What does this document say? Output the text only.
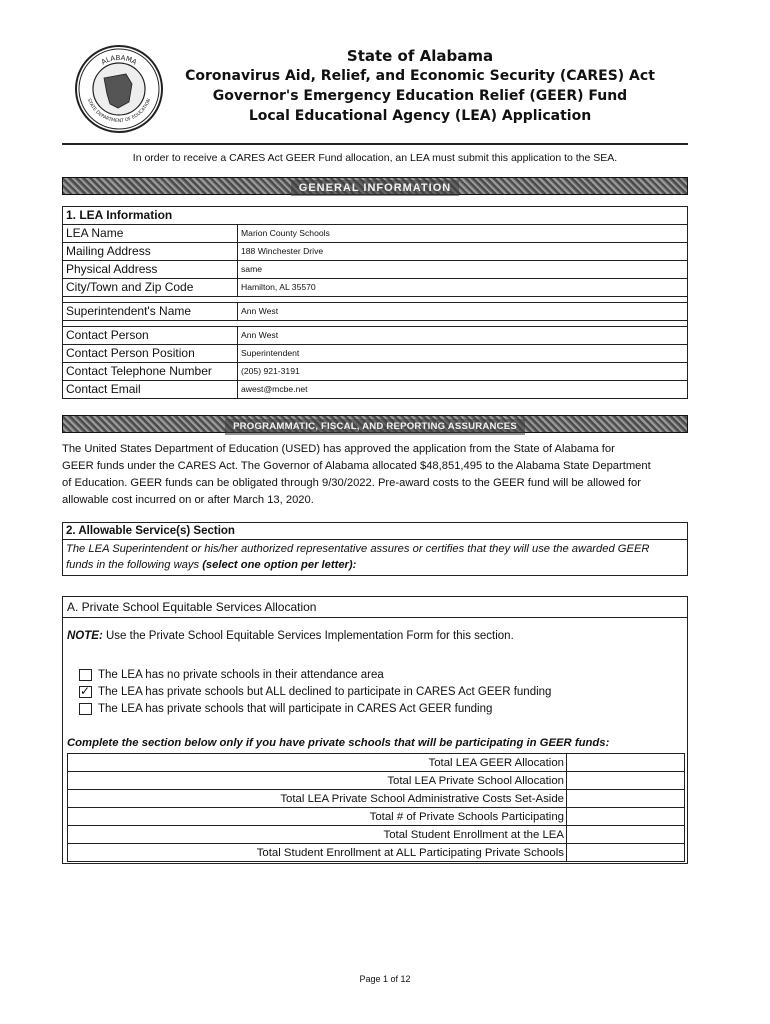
ALABAMA
STATE DEPARTMENT OF EDUCATION
State of Alabama
Coronavirus Aid, Relief, and Economic Security (CARES) Act
Governor's Emergency Education Relief (GEER) Fund
Local Educational Agency (LEA) Application
In order to receive a CARES Act GEER Fund allocation, an LEA must submit this application to the SEA.
GENERAL INFORMATION
1. LEA Information	
LEA Name	Marion County Schools
Mailing Address	188 Winchester Drive
Physical Address	same
City/Town and Zip Code	Hamilton, AL 35570

Superintendent's Name	Ann West

Contact Person	Ann West
Contact Person Position	Superintendent
Contact Telephone Number	(205) 921-3191
Contact Email	awest@mcbe.net
PROGRAMMATIC, FISCAL, AND REPORTING ASSURANCES
The United States Department of Education (USED) has approved the application from the State of Alabama for
GEER funds under the CARES Act. The Governor of Alabama allocated $48,851,495 to the Alabama State Department
of Education. GEER funds can be obligated through 9/30/2022. Pre-award costs to the GEER fund will be allowed for
allowable cost incurred on or after March 13, 2020.
2. Allowable Service(s) Section
The LEA Superintendent or his/her authorized representative assures or certifies that they will use the awarded GEER
funds in the following ways (select one option per letter):
A. Private School Equitable Services Allocation
NOTE: Use the Private School Equitable Services Implementation Form for this section.
The LEA has no private schools in their attendance area
✓ The LEA has private schools but ALL declined to participate in CARES Act GEER funding
The LEA has private schools that will participate in CARES Act GEER funding
Complete the section below only if you have private schools that will be participating in GEER funds:
Total LEA GEER Allocation	
Total LEA Private School Allocation	
Total LEA Private School Administrative Costs Set-Aside	
Total # of Private Schools Participating	
Total Student Enrollment at the LEA	
Total Student Enrollment at ALL Participating Private Schools	
Page 1 of 12
